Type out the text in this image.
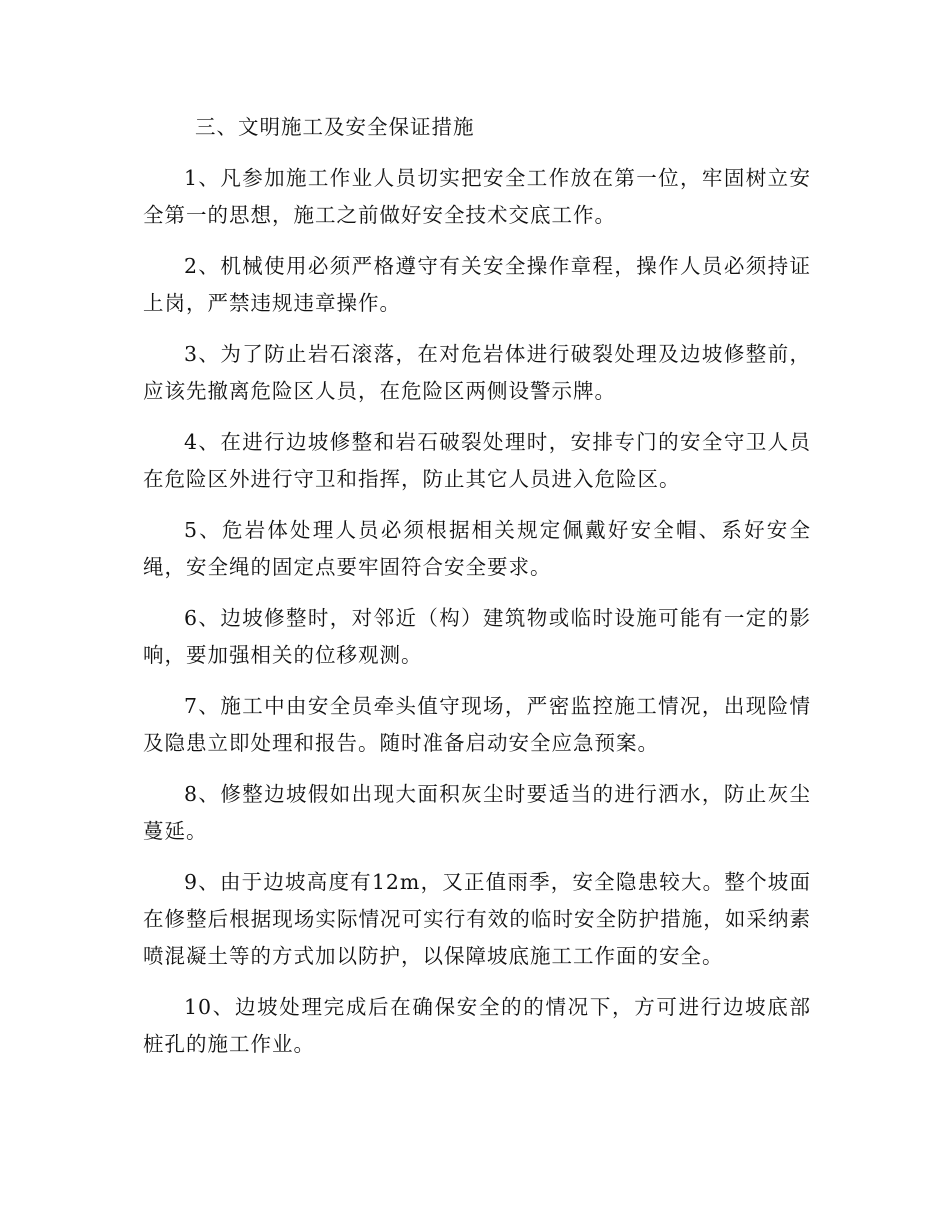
三、文明施工及安全保证措施

1、凡参加施工作业人员切实把安全工作放在第一位，牢固树立安全第一的思想，施工之前做好安全技术交底工作。

2、机械使用必须严格遵守有关安全操作章程，操作人员必须持证上岗，严禁违规违章操作。

3、为了防止岩石滚落，在对危岩体进行破裂处理及边坡修整前，应该先撤离危险区人员，在危险区两侧设警示牌。

4、在进行边坡修整和岩石破裂处理时，安排专门的安全守卫人员在危险区外进行守卫和指挥，防止其它人员进入危险区。

5、危岩体处理人员必须根据相关规定佩戴好安全帽、系好安全绳，安全绳的固定点要牢固符合安全要求。

6、边坡修整时，对邻近（构）建筑物或临时设施可能有一定的影响，要加强相关的位移观测。

7、施工中由安全员牵头值守现场，严密监控施工情况，出现险情及隐患立即处理和报告。随时准备启动安全应急预案。

8、修整边坡假如出现大面积灰尘时要适当的进行洒水，防止灰尘蔓延。

9、由于边坡高度有12m，又正值雨季，安全隐患较大。整个坡面在修整后根据现场实际情况可实行有效的临时安全防护措施，如采纳素喷混凝土等的方式加以防护，以保障坡底施工工作面的安全。

10、边坡处理完成后在确保安全的的情况下，方可进行边坡底部桩孔的施工作业。
